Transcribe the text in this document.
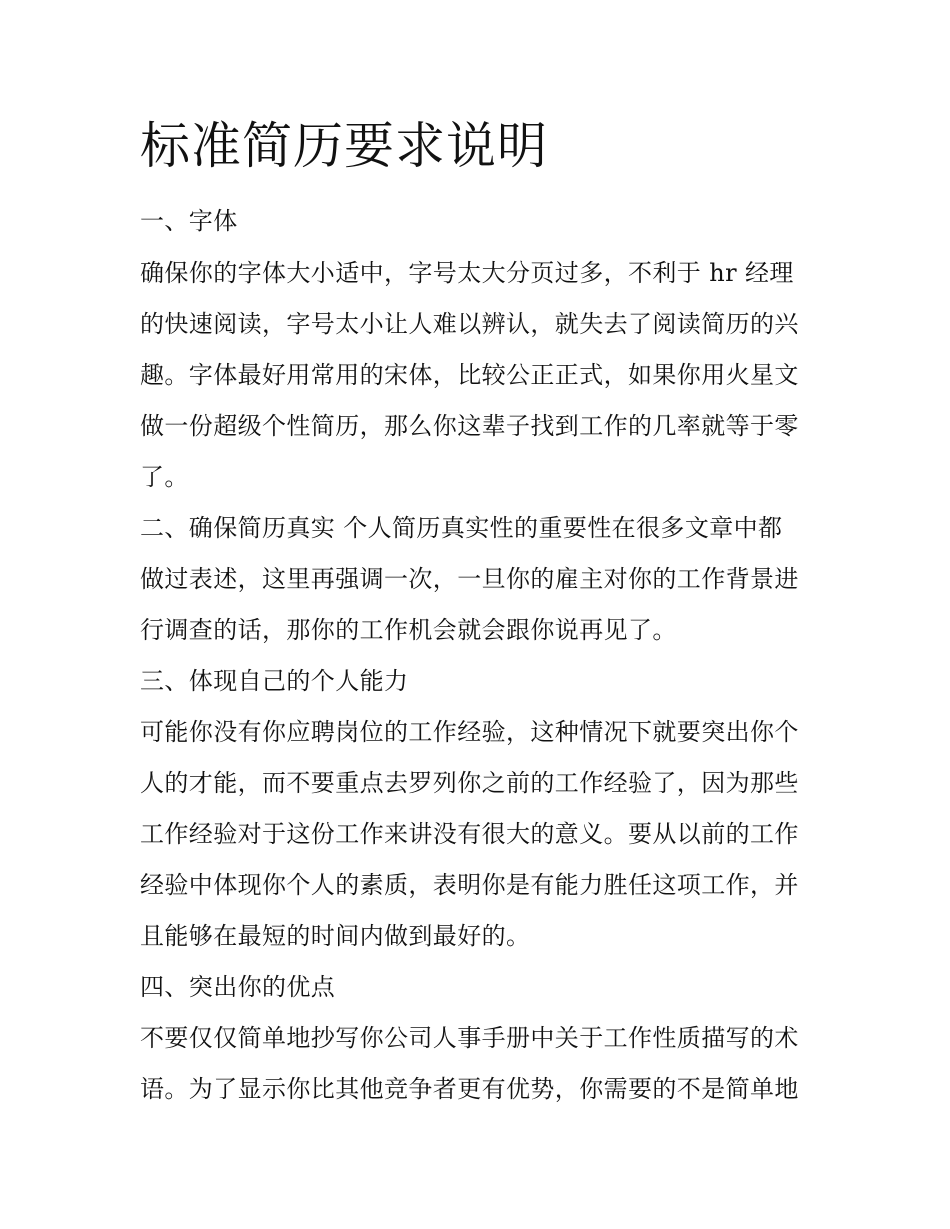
标准简历要求说明

一、字体

确保你的字体大小适中，字号太大分页过多，不利于 hr 经理

的快速阅读，字号太小让人难以辨认，就失去了阅读简历的兴

趣。字体最好用常用的宋体，比较公正正式，如果你用火星文

做一份超级个性简历，那么你这辈子找到工作的几率就等于零

了。

二、确保简历真实 个人简历真实性的重要性在很多文章中都

做过表述，这里再强调一次，一旦你的雇主对你的工作背景进

行调查的话，那你的工作机会就会跟你说再见了。

三、体现自己的个人能力

可能你没有你应聘岗位的工作经验，这种情况下就要突出你个

人的才能，而不要重点去罗列你之前的工作经验了，因为那些

工作经验对于这份工作来讲没有很大的意义。要从以前的工作

经验中体现你个人的素质，表明你是有能力胜任这项工作，并

且能够在最短的时间内做到最好的。

四、突出你的优点

不要仅仅简单地抄写你公司人事手册中关于工作性质描写的术

语。为了显示你比其他竞争者更有优势，你需要的不是简单地
